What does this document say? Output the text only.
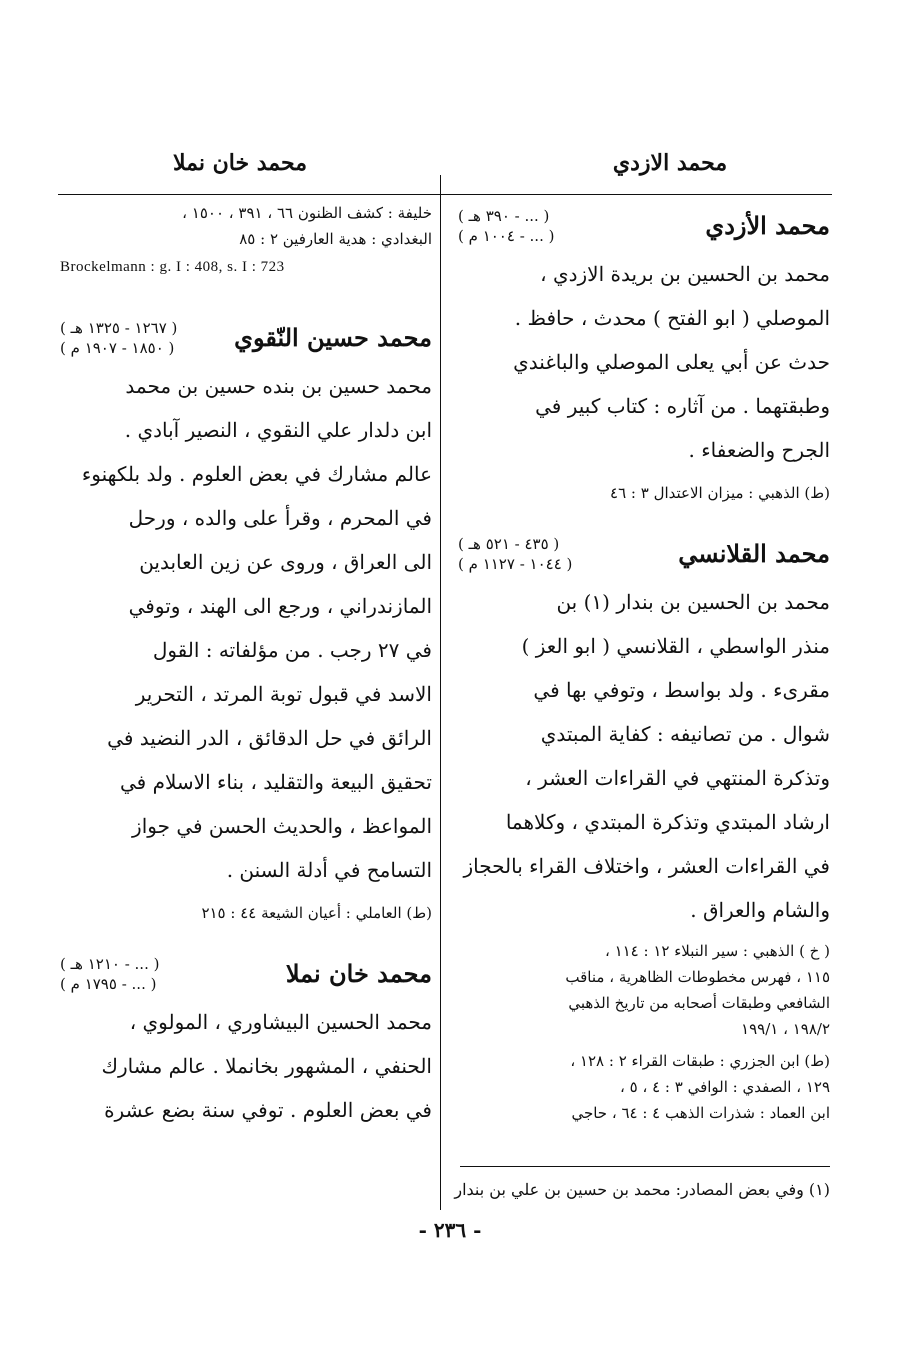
محمد الازدي
محمد خان نملا
محمد الأزدي
( ... - ٣٩٠ هـ )
( ... - ١٠٠٤ م )

محمد بن الحسين بن بريدة الازدي ،

الموصلي ( ابو الفتح ) محدث ، حافظ .

حدث عن أبي يعلى الموصلي والباغندي

وطبقتهما . من آثاره : كتاب كبير في

الجرح والضعفاء .

(ط) الذهبي : ميزان الاعتدال ٣ : ٤٦

محمد القلانسي
( ٤٣٥ - ٥٢١ هـ )
( ١٠٤٤ - ١١٢٧ م )

محمد بن الحسين بن بندار (١) بن

منذر الواسطي ، القلانسي ( ابو العز )

مقرىء . ولد بواسط ، وتوفي بها في

شوال . من تصانيفه : كفاية المبتدي

وتذكرة المنتهي في القراءات العشر ،

ارشاد المبتدي وتذكرة المبتدي ، وكلاهما

في القراءات العشر ، واختلاف القراء بالحجاز

والشام والعراق .

( خ ) الذهبي : سير النبلاء ١٢ : ١١٤ ،
١١٥ ، فهرس مخطوطات الظاهرية ، مناقب
الشافعي وطبقات أصحابه من تاريخ الذهبي
١٩٨/٢ ، ١٩٩/١
(ط) ابن الجزري : طبقات القراء ٢ : ١٢٨ ،
١٢٩ ، الصفدي : الوافي ٣ : ٤ ، ٥ ،
ابن العماد : شذرات الذهب ٤ : ٦٤ ، حاجي
خليفة : كشف الظنون ٦٦ ، ٣٩١ ، ١٥٠٠ ،
البغدادي : هدية العارفين ٢ : ٨٥
Brockelmann : g. I : 408, s. I : 723
محمد حسين النّقوي
( ١٢٦٧ - ١٣٢٥ هـ )
( ١٨٥٠ - ١٩٠٧ م )

محمد حسين بن بنده حسين بن محمد

ابن دلدار علي النقوي ، النصير آبادي .

عالم مشارك في بعض العلوم . ولد بلكهنوء

في المحرم ، وقرأ على والده ، ورحل

الى العراق ، وروى عن زين العابدين

المازندراني ، ورجع الى الهند ، وتوفي

في ٢٧ رجب . من مؤلفاته : القول

الاسد في قبول توبة المرتد ، التحرير

الرائق في حل الدقائق ، الدر النضيد في

تحقيق البيعة والتقليد ، بناء الاسلام في

المواعظ ، والحديث الحسن في جواز

التسامح في أدلة السنن .

(ط) العاملي : أعيان الشيعة ٤٤ : ٢١٥

محمد خان نملا
( ... - ١٢١٠ هـ )
( ... - ١٧٩٥ م )

محمد الحسين البيشاوري ، المولوي ،

الحنفي ، المشهور بخانملا . عالم مشارك

في بعض العلوم . توفي سنة بضع عشرة

(١) وفي بعض المصادر: محمد بن حسين بن علي بن بندار
- ٢٣٦ -
